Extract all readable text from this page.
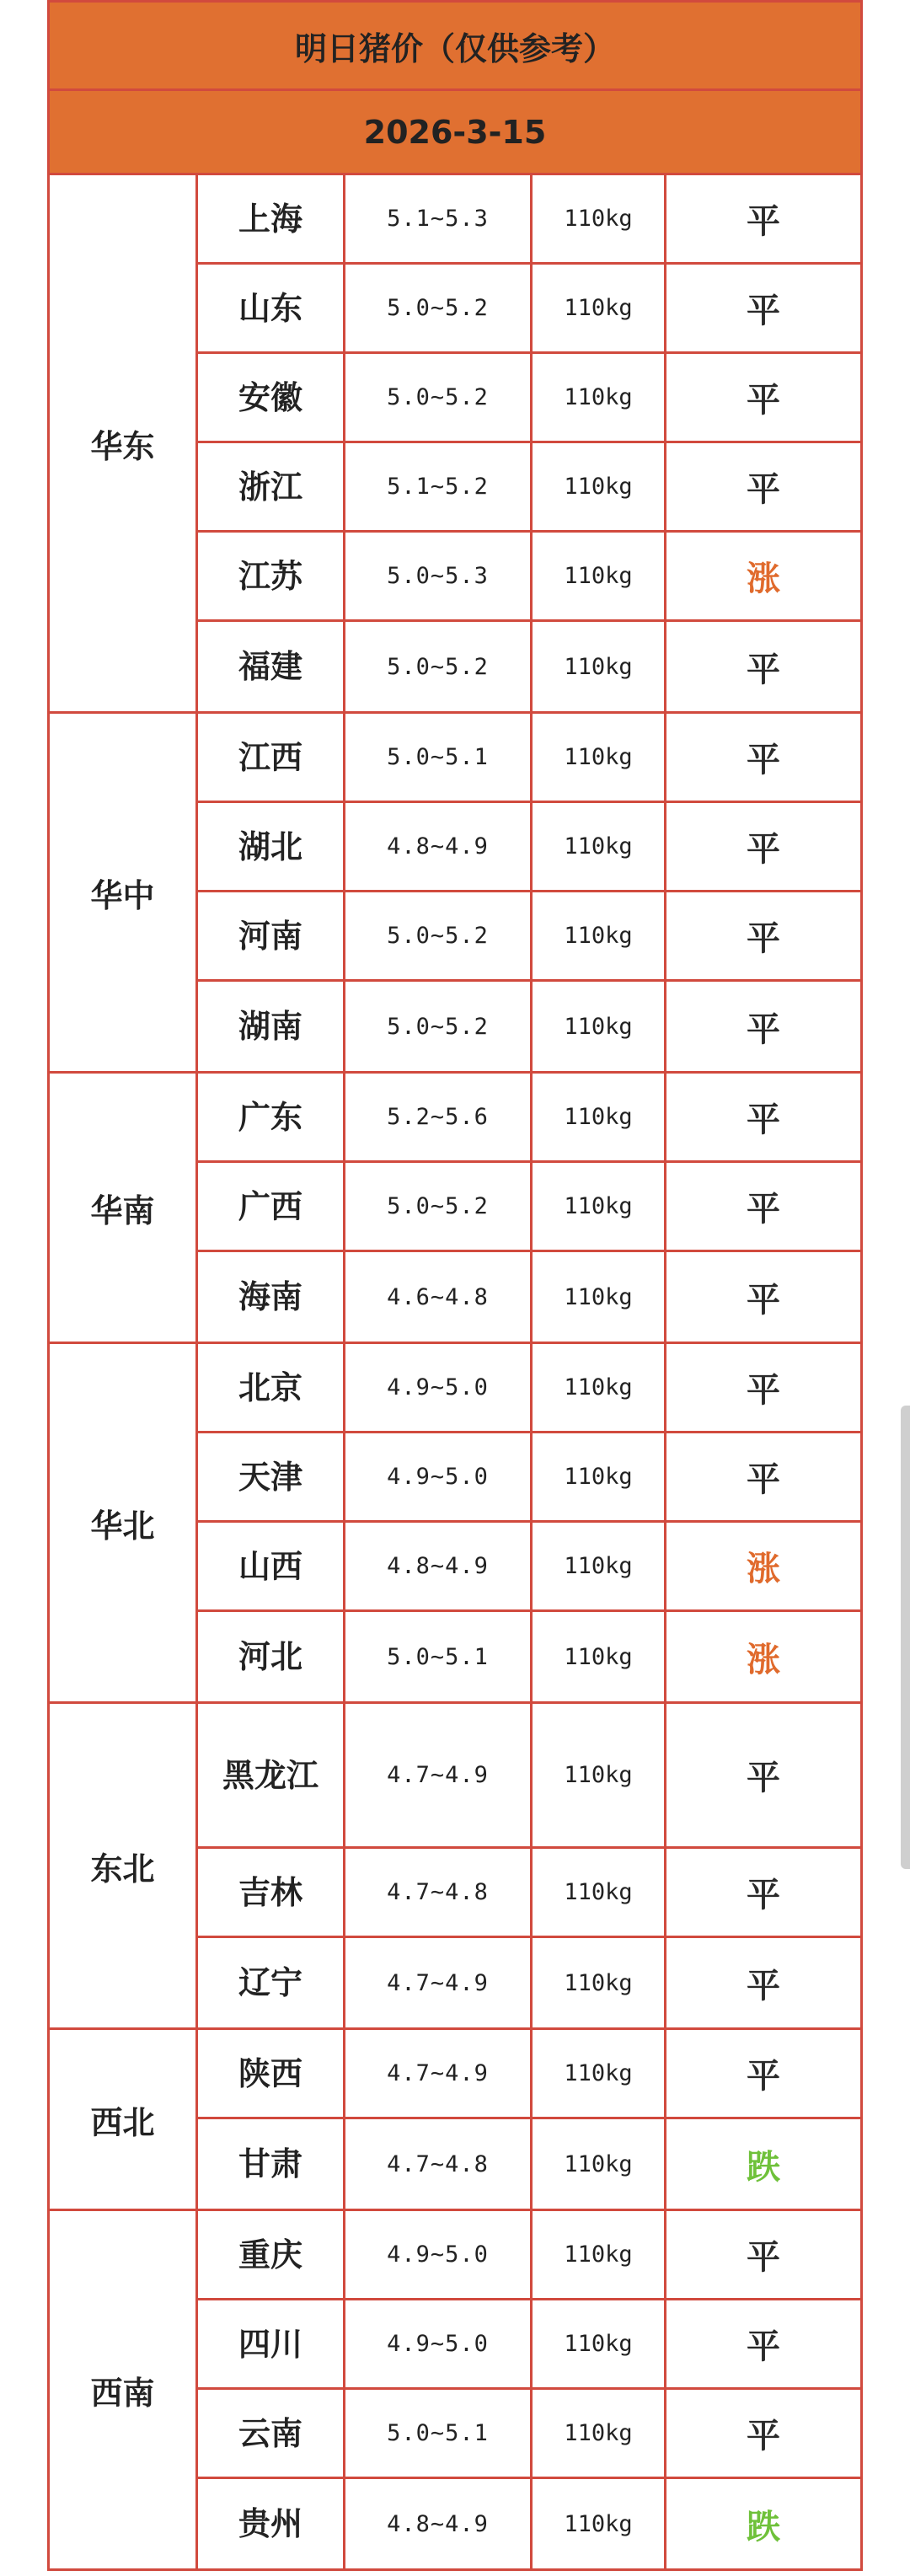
明日猪价（仅供参考）
2026-3-15
华东
上海	5.1~5.3	110kg	平
山东	5.0~5.2	110kg	平
安徽	5.0~5.2	110kg	平
浙江	5.1~5.2	110kg	平
江苏	5.0~5.3	110kg	涨
福建	5.0~5.2	110kg	平
华中
江西	5.0~5.1	110kg	平
湖北	4.8~4.9	110kg	平
河南	5.0~5.2	110kg	平
湖南	5.0~5.2	110kg	平
华南
广东	5.2~5.6	110kg	平
广西	5.0~5.2	110kg	平
海南	4.6~4.8	110kg	平
华北
北京	4.9~5.0	110kg	平
天津	4.9~5.0	110kg	平
山西	4.8~4.9	110kg	涨
河北	5.0~5.1	110kg	涨
东北
黑龙江	4.7~4.9	110kg	平
吉林	4.7~4.8	110kg	平
辽宁	4.7~4.9	110kg	平
西北
陕西	4.7~4.9	110kg	平
甘肃	4.7~4.8	110kg	跌
西南
重庆	4.9~5.0	110kg	平
四川	4.9~5.0	110kg	平
云南	5.0~5.1	110kg	平
贵州	4.8~4.9	110kg	跌
